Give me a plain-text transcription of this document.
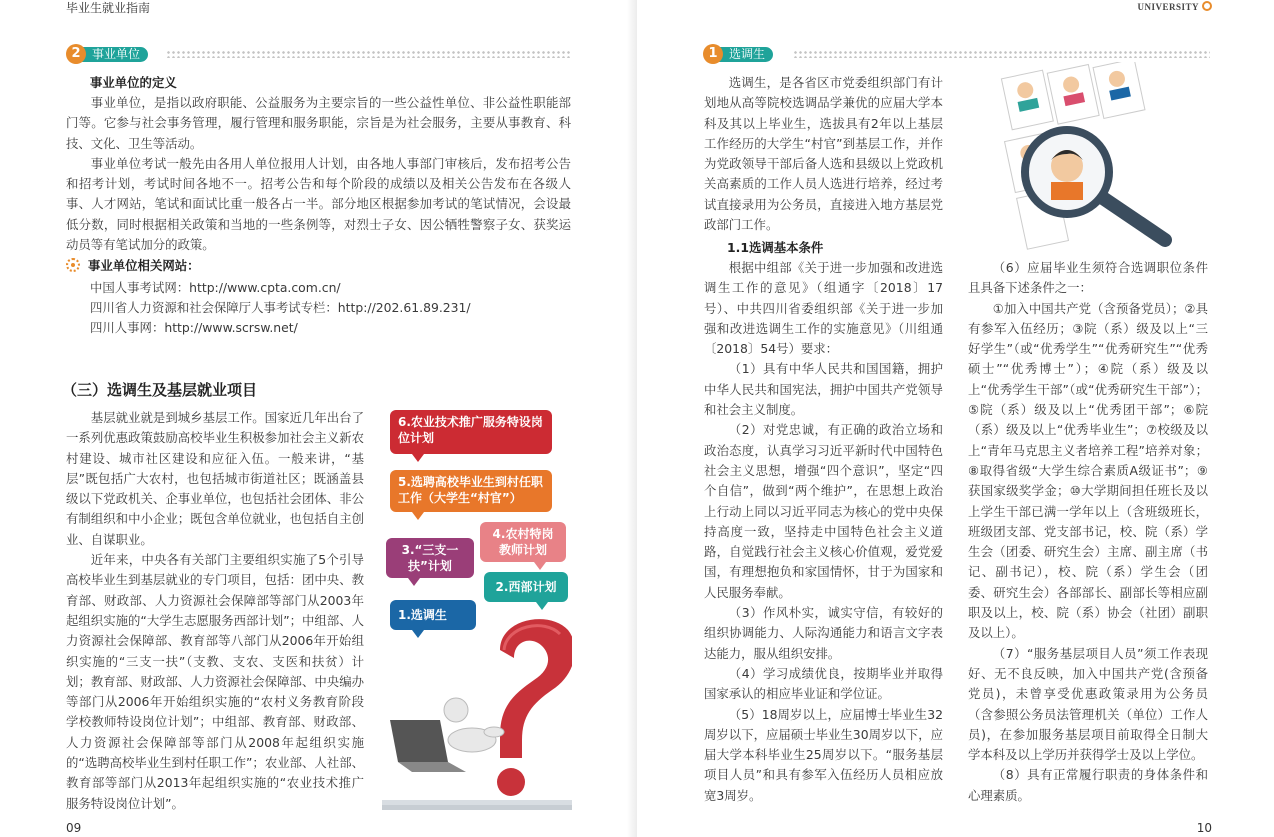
毕业生就业指南
事业单位
2
事业单位的定义

事业单位，是指以政府职能、公益服务为主要宗旨的一些公益性单位、非公益性职能部门等。它参与社会事务管理，履行管理和服务职能，宗旨是为社会服务，主要从事教育、科技、文化、卫生等活动。

事业单位考试一般先由各用人单位报用人计划，由各地人事部门审核后，发布招考公告和招考计划，考试时间各地不一。招考公告和每个阶段的成绩以及相关公告发布在各级人事、人才网站，笔试和面试比重一般各占一半。部分地区根据参加考试的笔试情况，会设最低分数，同时根据相关政策和当地的一些条例等，对烈士子女、因公牺牲警察子女、获奖运动员等有笔试加分的政策。

事业单位相关网站：
中国人事考试网：http://www.cpta.com.cn/
四川省人力资源和社会保障厅人事考试专栏：http://202.61.89.231/
四川人事网：http://www.scrsw.net/
（三）选调生及基层就业项目

基层就业就是到城乡基层工作。国家近几年出台了一系列优惠政策鼓励高校毕业生积极参加社会主义新农村建设、城市社区建设和应征入伍。一般来讲，“基层”既包括广大农村，也包括城市街道社区；既涵盖县级以下党政机关、企事业单位，也包括社会团体、非公有制组织和中小企业；既包含单位就业，也包括自主创业、自谋职业。

近年来，中央各有关部门主要组织实施了5个引导高校毕业生到基层就业的专门项目，包括：团中央、教育部、财政部、人力资源社会保障部等部门从2003年起组织实施的“大学生志愿服务西部计划”；中组部、人力资源社会保障部、教育部等八部门从2006年开始组织实施的“三支一扶”（支教、支农、支医和扶贫）计划；教育部、财政部、人力资源社会保障部、中央编办等部门从2006年开始组织实施的“农村义务教育阶段学校教师特设岗位计划”；中组部、教育部、财政部、人力资源社会保障部等部门从2008年起组织实施的“选聘高校毕业生到村任职工作”；农业部、人社部、教育部等部门从2013年起组织实施的“农业技术推广服务特设岗位计划”。

6.农业技术推广服务特设岗位计划
5.选聘高校毕业生到村任职工作（大学生“村官”）
4.农村特岗教师计划
3.“三支一扶”计划
2.西部计划
1.选调生
09
UNIVERSITY
选调生
1

选调生，是各省区市党委组织部门有计划地从高等院校选调品学兼优的应届大学本科及其以上毕业生，选拔具有2年以上基层工作经历的大学生“村官”到基层工作，并作为党政领导干部后备人选和县级以上党政机关高素质的工作人员人选进行培养，经过考试直接录用为公务员，直接进入地方基层党政部门工作。

1.1选调基本条件

根据中组部《关于进一步加强和改进选调生工作的意见》（组通字〔2018〕17号）、中共四川省委组织部《关于进一步加强和改进选调生工作的实施意见》（川组通〔2018〕54号）要求：

（1）具有中华人民共和国国籍，拥护中华人民共和国宪法，拥护中国共产党领导和社会主义制度。

（2）对党忠诚，有正确的政治立场和政治态度，认真学习习近平新时代中国特色社会主义思想，增强“四个意识”，坚定“四个自信”，做到“两个维护”，在思想上政治上行动上同以习近平同志为核心的党中央保持高度一致，坚持走中国特色社会主义道路，自觉践行社会主义核心价值观，爱党爱国，有理想抱负和家国情怀，甘于为国家和人民服务奉献。

（3）作风朴实，诚实守信，有较好的组织协调能力、人际沟通能力和语言文字表达能力，服从组织安排。

（4）学习成绩优良，按期毕业并取得国家承认的相应毕业证和学位证。

（5）18周岁以上，应届博士毕业生32周岁以下，应届硕士毕业生30周岁以下，应届大学本科毕业生25周岁以下。“服务基层项目人员”和具有参军入伍经历人员相应放宽3周岁。

（6）应届毕业生须符合选调职位条件且具备下述条件之一：

①加入中国共产党（含预备党员）；②具有参军入伍经历；③院（系）级及以上“三好学生”（或“优秀学生”“优秀研究生”“优秀硕士”“优秀博士”）；④院（系）级及以上“优秀学生干部”（或“优秀研究生干部”）；⑤院（系）级及以上“优秀团干部”；⑥院（系）级及以上“优秀毕业生”；⑦校级及以上“青年马克思主义者培养工程”培养对象；⑧取得省级“大学生综合素质A级证书”；⑨获国家级奖学金；⑩大学期间担任班长及以上学生干部已满一学年以上（含班级班长，班级团支部、党支部书记，校、院（系）学生会（团委、研究生会）主席、副主席（书记、副书记），校、院（系）学生会（团委、研究生会）各部部长、副部长等相应副职及以上，校、院（系）协会（社团）副职及以上）。

（7）“服务基层项目人员”须工作表现好、无不良反映，加入中国共产党(含预备党员)，未曾享受优惠政策录用为公务员（含参照公务员法管理机关（单位）工作人员)，在参加服务基层项目前取得全日制大学本科及以上学历并获得学士及以上学位。

（8）具有正常履行职责的身体条件和心理素质。

10
